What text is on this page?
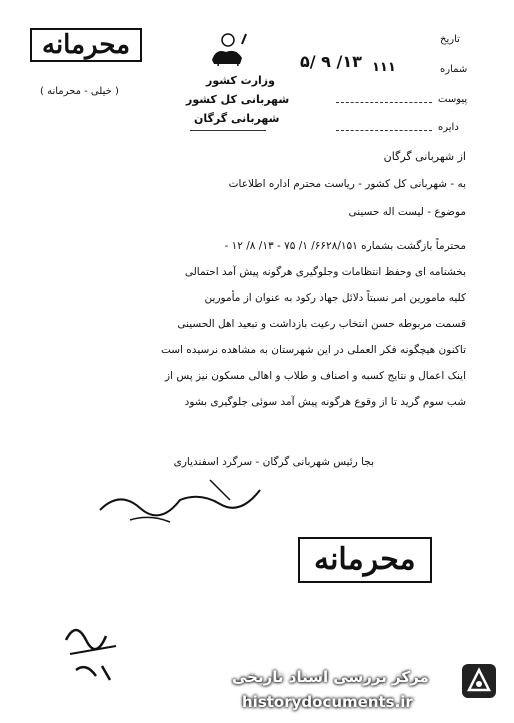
محرمانه
( خیلی - محرمانه )
وزارت کشور
شهربانی کل کشور
شهربانی گرگان
تاریخ
۵/ ۹ /۱۳	شماره
۱۱۱
پیوست
دایره
از شهربانی گرگان
به - شهربانی کل کشور - ریاست محترم اداره اطلاعات
موضوع - لیست اله حسینی
محترماً بازگشت بشماره ۶۶۲۸/۱۵۱/ ۱/ ۷۵ - ۱۳/ ۸/ ۱۲ -
بخشنامه ای وحفظ انتظامات وجلوگیری هرگونه پیش آمد احتمالی
کلیه مامورین امر نسبتاً دلائل جهاد رکود به عنوان از مأمورین
قسمت مربوطه حسن انتخاب رعیت بازداشت و تبعید اهل الحسینی
تاکنون هیچگونه فکر العملی در این شهرستان به مشاهده نرسیده است
اینک اعمال و نتایج کسبه و اصناف و طلاب و اهالی مسکون نیز پس از
شب سوم گرید تا از وقوع هرگونه پیش آمد سوئی جلوگیری بشود
بجا رئیس شهربانی گرگان - سرگرد اسفندیاری
محرمانه
مرکز بررسی اسناد تاریخی
historydocuments.ir
